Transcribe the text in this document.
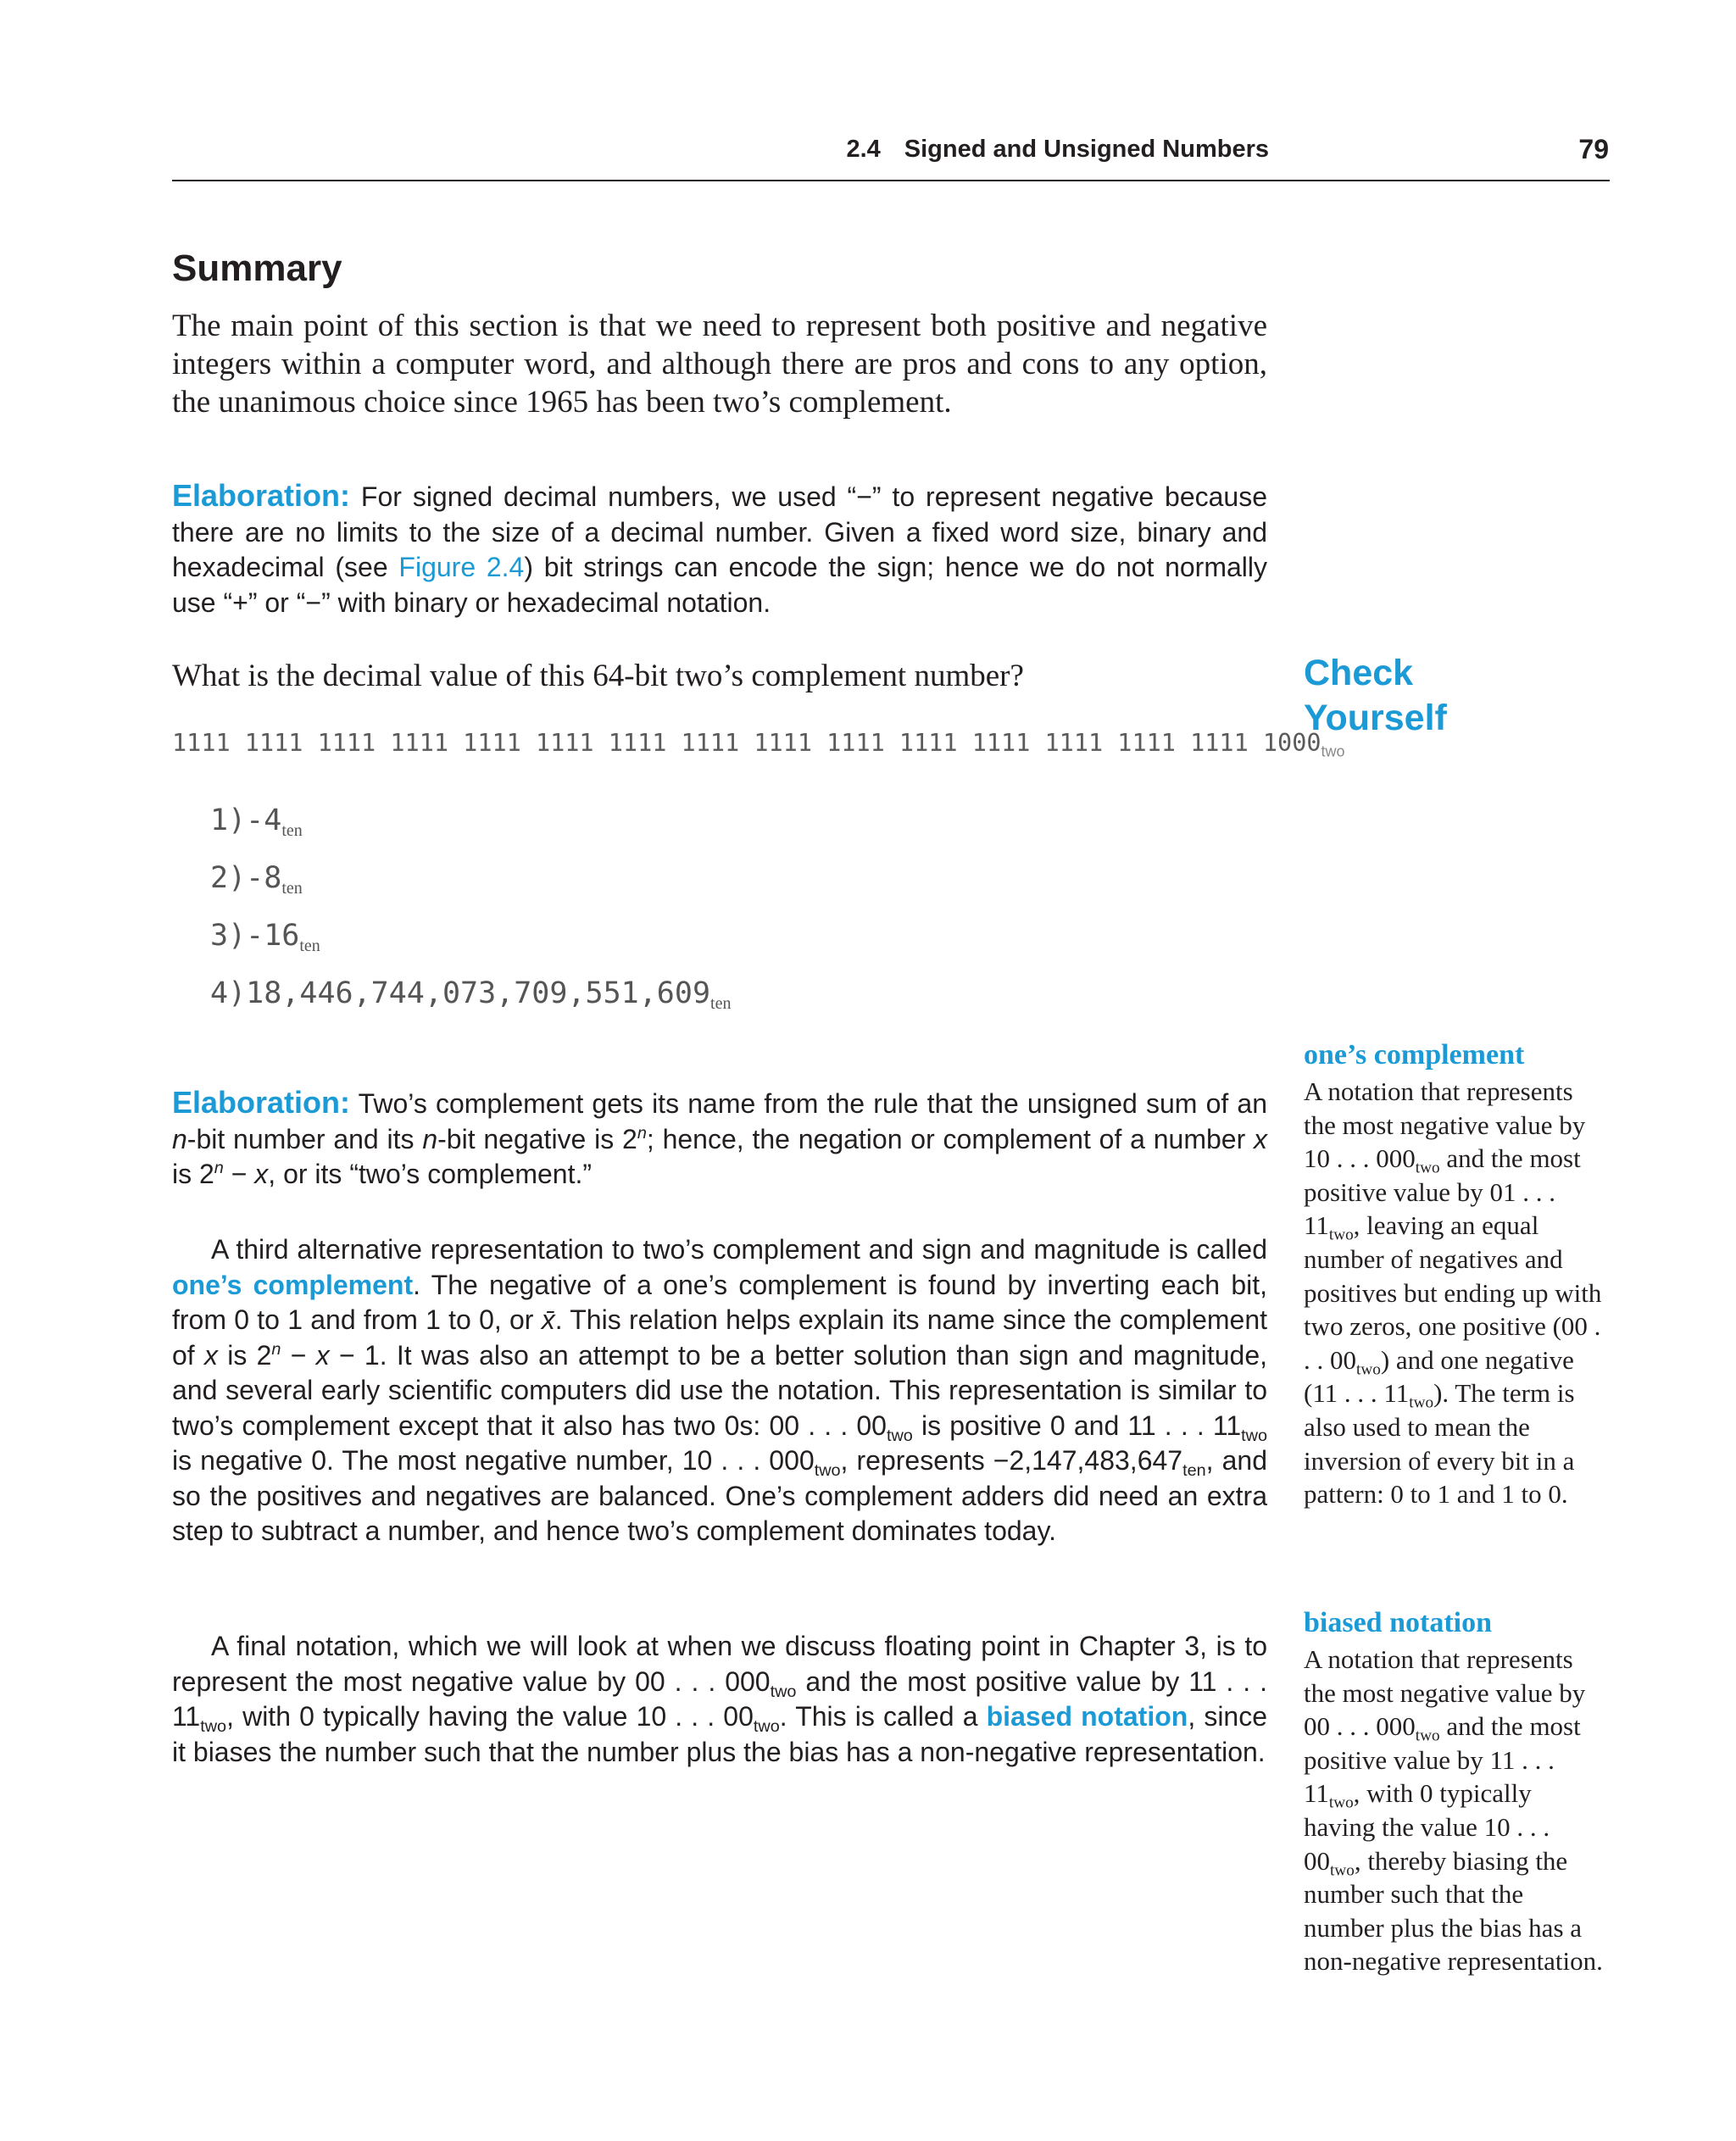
2.4 Signed and Unsigned Numbers	79
Summary
The main point of this section is that we need to represent both positive and negative integers within a computer word, and although there are pros and cons to any option, the unanimous choice since 1965 has been two’s complement.
Elaboration: For signed decimal numbers, we used “−” to represent negative because there are no limits to the size of a decimal number. Given a fixed word size, binary and hexadecimal (see Figure 2.4) bit strings can encode the sign; hence we do not normally use “+” or “−” with binary or hexadecimal notation.
What is the decimal value of this 64-bit two’s complement number?
1111 1111 1111 1111 1111 1111 1111 1111 1111 1111 1111 1111 1111 1111 1111 $1000_{two}$
$1)-4_{ten}$
$2)-8_{ten}$
$3)-16_{ten}$
$4)18,446,744,073,709,551,609_{ten}$
Check
Yourself
Elaboration: Two’s complement gets its name from the rule that the unsigned sum of an n-bit number and its n-bit negative is 2$^n$; hence, the negation or complement of a number x is $2^n - x$, or its “two’s complement.”
A third alternative representation to two’s complement and sign and magnitude is called one’s complement. The negative of a one’s complement is found by inverting each bit, from 0 to 1 and from 1 to 0, or x̄. This relation helps explain its name since the complement of x is $2^n - x - 1$. It was also an attempt to be a better solution than sign and magnitude, and several early scientific computers did use the notation. This representation is similar to two’s complement except that it also has two 0s: 00 . . . $00_{two}$ is positive 0 and 11 . . . $11_{two}$ is negative 0. The most negative number, 10 . . . $000_{two}$, represents $-2,147,483,647_{ten}$, and so the positives and negatives are balanced. One’s complement adders did need an extra step to subtract a number, and hence two’s complement dominates today.
A final notation, which we will look at when we discuss floating point in Chapter 3, is to represent the most negative value by 00 . . . $000_{two}$ and the most positive value by 11 . . . $11_{two}$, with 0 typically having the value 10 . . . $00_{two}$. This is called a biased notation, since it biases the number such that the number plus the bias has a non-negative representation.
one’s complement
A notation that represents the most negative value by 10 . . . $000_{two}$ and the most positive value by 01 . . . $11_{two}$, leaving an equal number of negatives and positives but ending up with two zeros, one positive (00 . . . $00_{two}$) and one negative (11 . . . $11_{two}$). The term is also used to mean the inversion of every bit in a pattern: 0 to 1 and 1 to 0.
biased notation
A notation that represents the most negative value by 00 . . . $000_{two}$ and the most positive value by 11 . . . $11_{two}$, with 0 typically having the value 10 . . . $00_{two}$, thereby biasing the number such that the number plus the bias has a non-negative representation.
